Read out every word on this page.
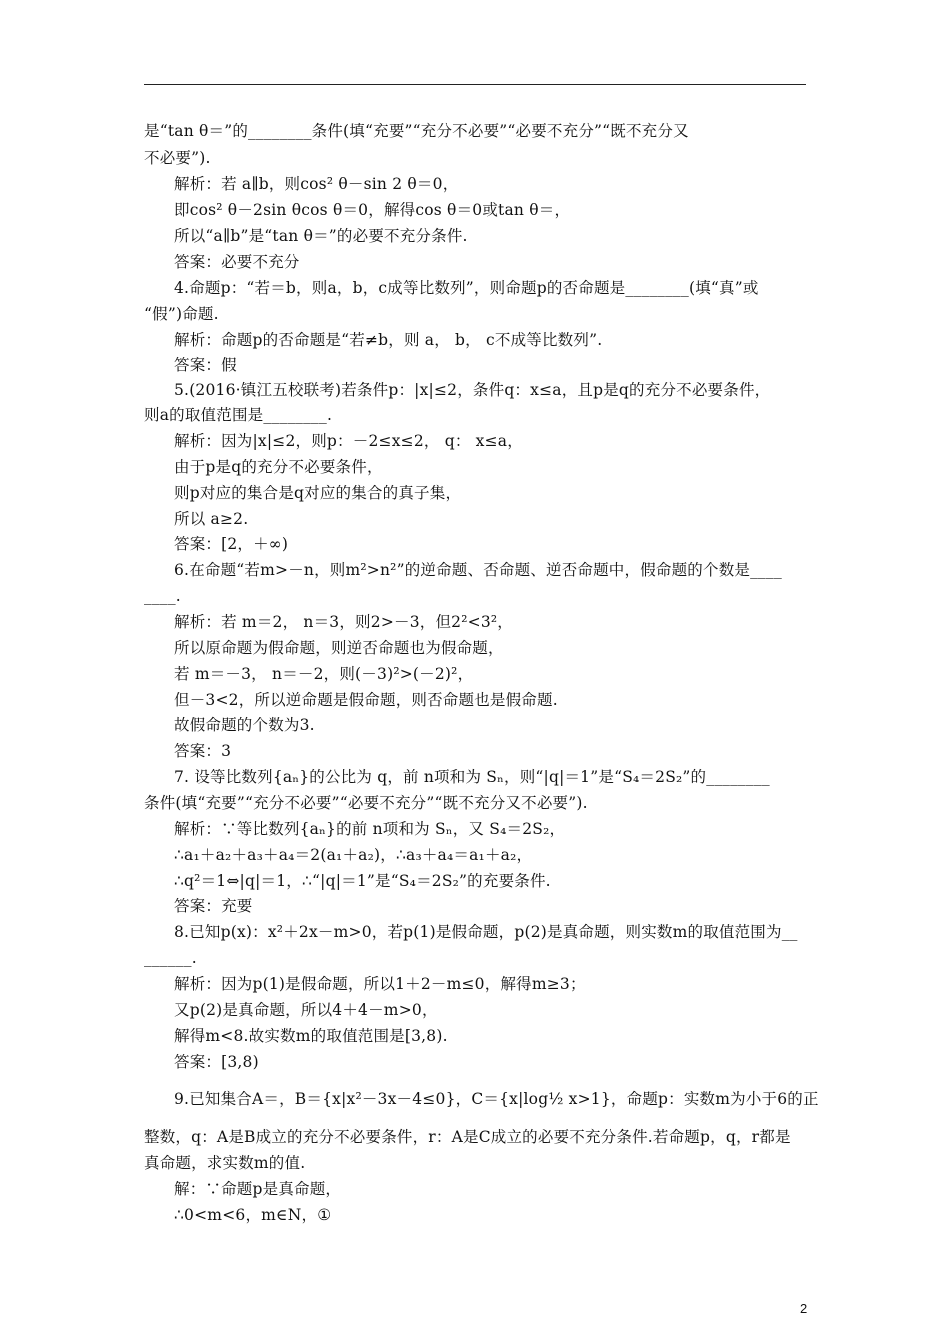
是“tan θ＝”的________条件(填“充要”“充分不必要”“必要不充分”“既不充分又
不必要”).
解析：若 a∥b，则cos² θ－sin 2 θ＝0，
即cos² θ－2sin θcos θ＝0，解得cos θ＝0或tan θ＝，
所以“a∥b”是“tan θ＝”的必要不充分条件.
答案：必要不充分
4.命题p：“若＝b，则a，b，c成等比数列”，则命题p的否命题是________(填“真”或
“假”)命题.
解析：命题p的否命题是“若≠b，则 a， b， c不成等比数列”.
答案：假
5.(2016·镇江五校联考)若条件p：|x|≤2，条件q：x≤a，且p是q的充分不必要条件，
则a的取值范围是________.
解析：因为|x|≤2，则p：－2≤x≤2， q： x≤a，
由于p是q的充分不必要条件，
则p对应的集合是q对应的集合的真子集，
所以 a≥2.
答案：[2，＋∞)
6.在命题“若m>－n，则m²>n²”的逆命题、否命题、逆否命题中，假命题的个数是____
____.
解析：若 m＝2， n＝3，则2>－3，但2²<3²，
所以原命题为假命题，则逆否命题也为假命题，
若 m＝－3， n＝－2，则(－3)²>(－2)²，
但－3<2，所以逆命题是假命题，则否命题也是假命题.
故假命题的个数为3.
答案：3
7. 设等比数列{aₙ}的公比为 q，前 n项和为 Sₙ，则“|q|＝1”是“S₄＝2S₂”的________
条件(填“充要”“充分不必要”“必要不充分”“既不充分又不必要”).
解析：∵等比数列{aₙ}的前 n项和为 Sₙ，又 S₄＝2S₂，
∴a₁＋a₂＋a₃＋a₄＝2(a₁＋a₂)，∴a₃＋a₄＝a₁＋a₂，
∴q²＝1⇔|q|＝1，∴“|q|＝1”是“S₄＝2S₂”的充要条件.
答案：充要
8.已知p(x)：x²＋2x－m>0，若p(1)是假命题，p(2)是真命题，则实数m的取值范围为__
______.
解析：因为p(1)是假命题，所以1＋2－m≤0，解得m≥3；
又p(2)是真命题，所以4＋4－m>0，
解得m<8.故实数m的取值范围是[3,8).
答案：[3,8)
9.已知集合A＝，B＝{x|x²－3x－4≤0}，C＝{x|log½ x>1}，命题p：实数m为小于6的正
整数，q：A是B成立的充分不必要条件，r：A是C成立的必要不充分条件.若命题p，q，r都是
真命题，求实数m的值.
解：∵命题p是真命题，
∴0<m<6，m∈N，①
2
